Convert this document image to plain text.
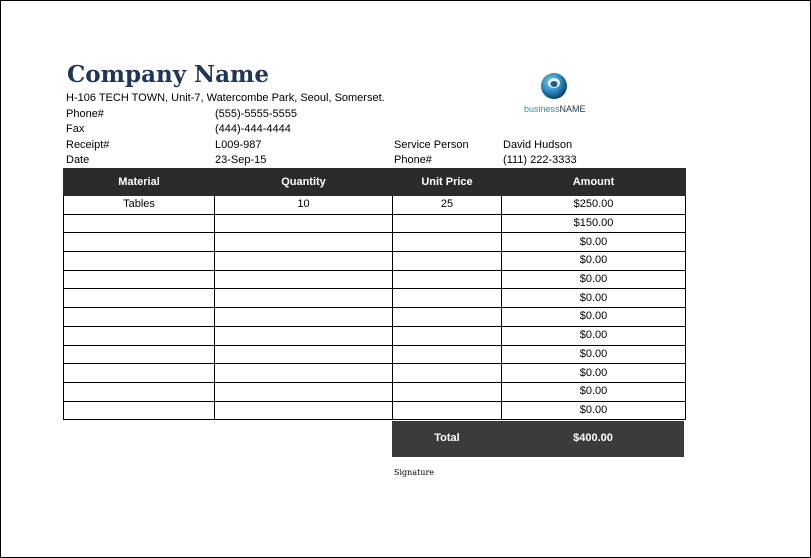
Company Name
H-106 TECH TOWN, Unit-7, Watercombe Park, Seoul, Somerset.
Phone#	(555)-5555-5555
Fax	(444)-444-4444
Receipt#	L009-987
Date	23-Sep-15
Service Person	David Hudson
Phone#	(111) 222-3333
businessNAME
Material	Quantity	Unit Price	Amount
Tables	10	25	$250.00
			$150.00
			$0.00
			$0.00
			$0.00
			$0.00
			$0.00
			$0.00
			$0.00
			$0.00
			$0.00
			$0.00
Total	$400.00
Signature
